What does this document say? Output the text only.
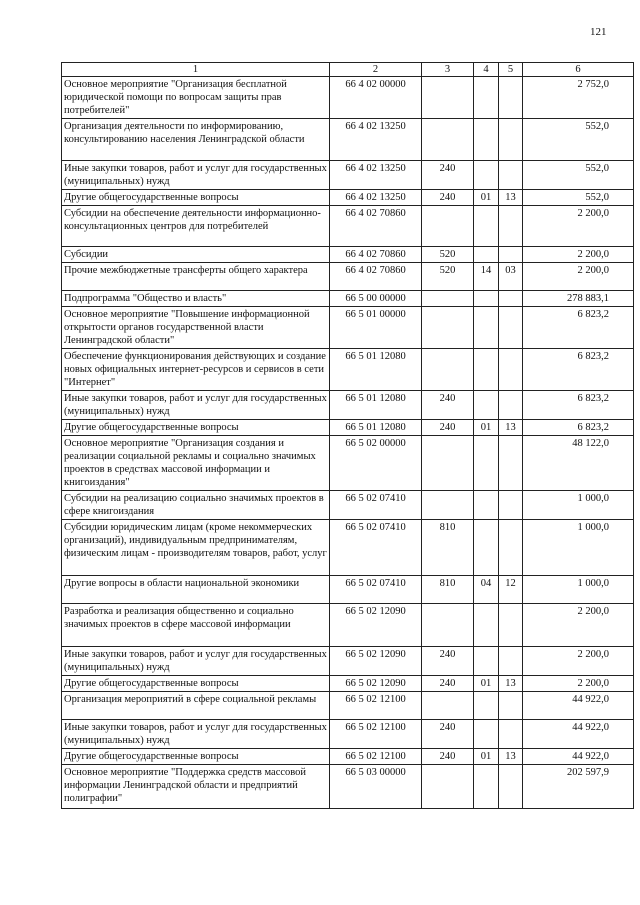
121
1	2	3	4	5	6
Основное мероприятие "Организация бесплатной юридической помощи по вопросам защиты прав потребителей"	66 4 02 00000				2 752,0
Организация деятельности по информированию, консультированию населения Ленинградской области	66 4 02 13250				552,0
Иные закупки товаров, работ и услуг для государственных (муниципальных) нужд	66 4 02 13250	240			552,0
Другие общегосударственные вопросы	66 4 02 13250	240	01	13	552,0
Субсидии на обеспечение деятельности информационно-консультационных центров для потребителей	66 4 02 70860				2 200,0
Субсидии	66 4 02 70860	520			2 200,0
Прочие межбюджетные трансферты общего характера	66 4 02 70860	520	14	03	2 200,0
Подпрограмма "Общество и власть"	66 5 00 00000				278 883,1
Основное мероприятие "Повышение информационной открытости органов государственной власти Ленинградской области"	66 5 01 00000				6 823,2
Обеспечение функционирования действующих и создание новых официальных интернет-ресурсов и сервисов в сети "Интернет"	66 5 01 12080				6 823,2
Иные закупки товаров, работ и услуг для государственных (муниципальных) нужд	66 5 01 12080	240			6 823,2
Другие общегосударственные вопросы	66 5 01 12080	240	01	13	6 823,2
Основное мероприятие "Организация создания и реализации социальной рекламы и социально значимых проектов в средствах массовой информации и книгоиздания"	66 5 02 00000				48 122,0
Субсидии на реализацию социально значимых проектов в сфере книгоиздания	66 5 02 07410				1 000,0
Субсидии юридическим лицам (кроме некоммерческих организаций), индивидуальным предпринимателям, физическим лицам - производителям товаров, работ, услуг	66 5 02 07410	810			1 000,0
Другие вопросы в области национальной экономики	66 5 02 07410	810	04	12	1 000,0
Разработка и реализация общественно и социально значимых проектов в сфере массовой информации	66 5 02 12090				2 200,0
Иные закупки товаров, работ и услуг для государственных (муниципальных) нужд	66 5 02 12090	240			2 200,0
Другие общегосударственные вопросы	66 5 02 12090	240	01	13	2 200,0
Организация мероприятий в сфере социальной рекламы	66 5 02 12100				44 922,0
Иные закупки товаров, работ и услуг для государственных (муниципальных) нужд	66 5 02 12100	240			44 922,0
Другие общегосударственные вопросы	66 5 02 12100	240	01	13	44 922,0
Основное мероприятие "Поддержка средств массовой информации Ленинградской области и предприятий полиграфии"	66 5 03 00000				202 597,9
